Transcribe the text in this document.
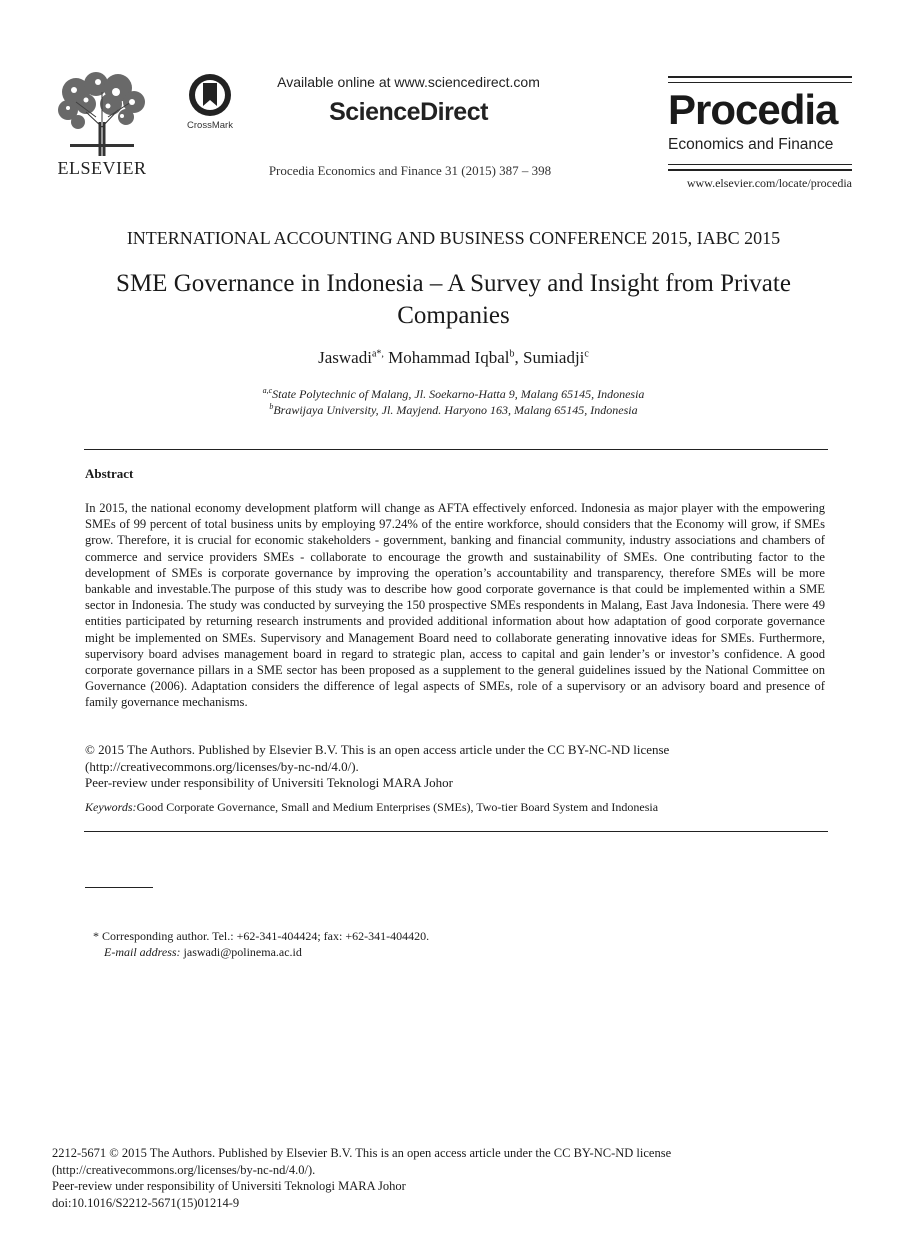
ELSEVIER
CrossMark
Available online at www.sciencedirect.com
ScienceDirect
Procedia Economics and Finance 31 (2015) 387 – 398
Procedia
Economics and Finance
www.elsevier.com/locate/procedia
INTERNATIONAL ACCOUNTING AND BUSINESS CONFERENCE 2015, IABC 2015
SME Governance in Indonesia – A Survey and Insight from Private Companies
Jaswadi$^{a*,}$ Mohammad Iqbal$^b$, Sumiadji$^c$
$^{a,c}$State Polytechnic of Malang, Jl. Soekarno-Hatta 9, Malang 65145, Indonesia
$^b$Brawijaya University, Jl. Mayjend. Haryono 163, Malang 65145, Indonesia
Abstract
In 2015, the national economy development platform will change as AFTA effectively enforced. Indonesia as major player with the empowering SMEs of 99 percent of total business units by employing 97.24% of the entire workforce, should considers that the Economy will grow, if SMEs grow. Therefore, it is crucial for economic stakeholders - government, banking and financial community, industry associations and chambers of commerce and service providers SMEs - collaborate to encourage the growth and sustainability of SMEs. One contributing factor to the development of SMEs is corporate governance by improving the operation’s accountability and transparency, therefore SMEs will be more bankable and investable.The purpose of this study was to describe how good corporate governance is that could be implemented within a SME sector in Indonesia. The study was conducted by surveying the 150 prospective SMEs respondents in Malang, East Java Indonesia. There were 49 entities participated by returning research instruments and provided additional information about how adaptation of good corporate governance might be implemented on SMEs. Supervisory and Management Board need to collaborate generating innovative ideas for SMEs. Furthermore, supervisory board advises management board in regard to strategic plan, access to capital and gain lender’s or investor’s confidence. A good corporate governance pillars in a SME sector has been proposed as a supplement to the general guidelines issued by the National Committee on Governance (2006). Adaptation considers the difference of legal aspects of SMEs, role of a supervisory or an advisory board and presence of family governance mechanisms.
© 2015 The Authors. Published by Elsevier B.V. This is an open access article under the CC BY-NC-ND license
(http://creativecommons.org/licenses/by-nc-nd/4.0/).
Peer-review under responsibility of Universiti Teknologi MARA Johor
Keywords:Good Corporate Governance, Small and Medium Enterprises (SMEs), Two-tier Board System and Indonesia
* Corresponding author. Tel.: +62-341-404424; fax: +62-341-404420.
E-mail address: jaswadi@polinema.ac.id
2212-5671 © 2015 The Authors. Published by Elsevier B.V. This is an open access article under the CC BY-NC-ND license
(http://creativecommons.org/licenses/by-nc-nd/4.0/).
Peer-review under responsibility of Universiti Teknologi MARA Johor
doi:10.1016/S2212-5671(15)01214-9
